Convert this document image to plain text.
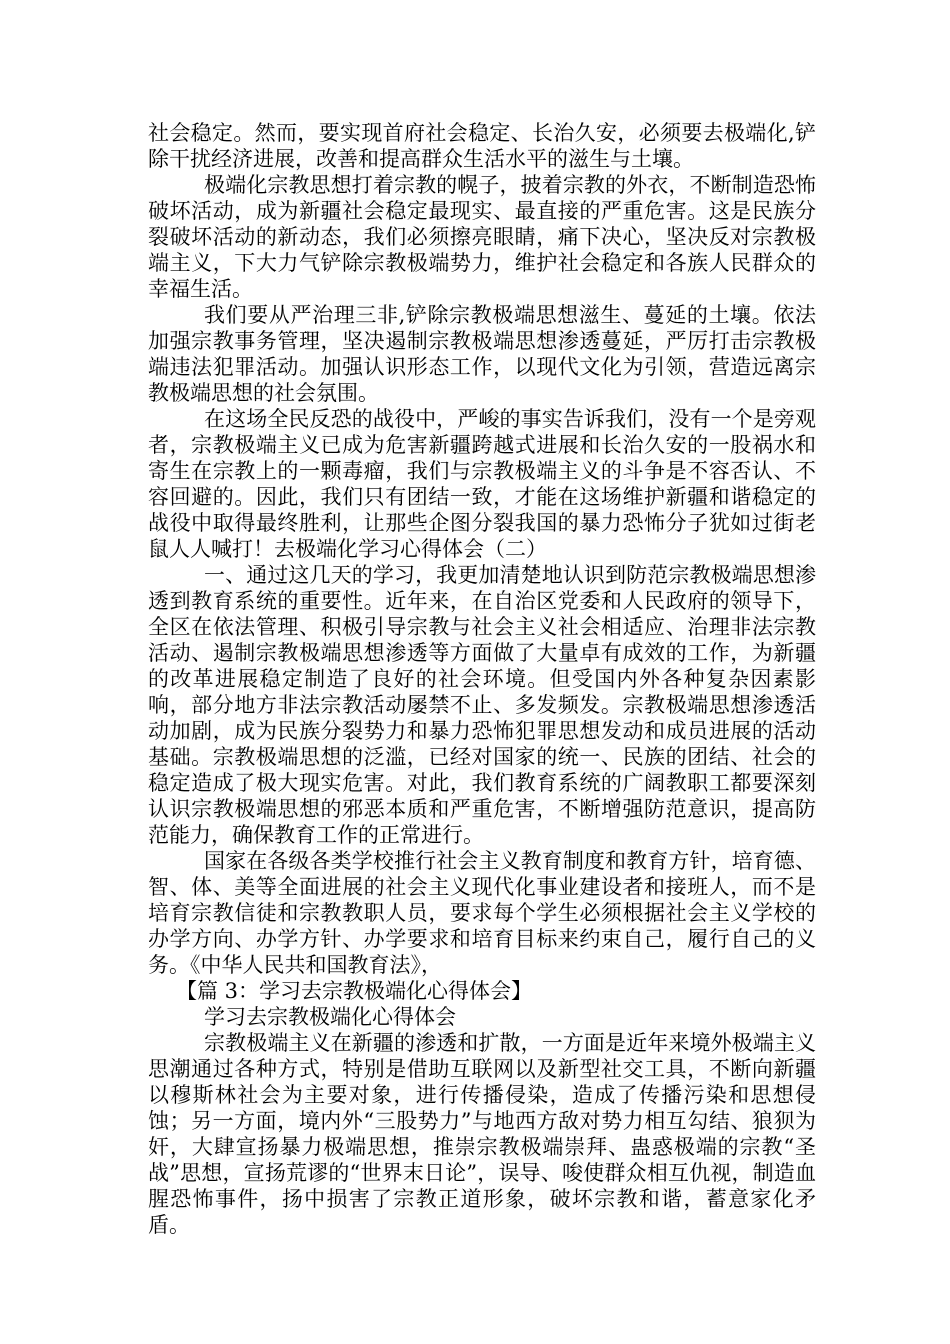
社会稳定。然而，要实现首府社会稳定、长治久安，必须要去极端化,铲除干扰经济进展，改善和提高群众生活水平的滋生与土壤。

极端化宗教思想打着宗教的幌子，披着宗教的外衣，不断制造恐怖破坏活动，成为新疆社会稳定最现实、最直接的严重危害。这是民族分裂破坏活动的新动态，我们必须擦亮眼睛，痛下决心，坚决反对宗教极端主义，下大力气铲除宗教极端势力，维护社会稳定和各族人民群众的幸福生活。

我们要从严治理三非,铲除宗教极端思想滋生、蔓延的土壤。依法加强宗教事务管理，坚决遏制宗教极端思想渗透蔓延，严厉打击宗教极端违法犯罪活动。加强认识形态工作，以现代文化为引领，营造远离宗教极端思想的社会氛围。

在这场全民反恐的战役中，严峻的事实告诉我们，没有一个是旁观者，宗教极端主义已成为危害新疆跨越式进展和长治久安的一股祸水和寄生在宗教上的一颗毒瘤，我们与宗教极端主义的斗争是不容否认、不容回避的。因此，我们只有团结一致，才能在这场维护新疆和谐稳定的战役中取得最终胜利，让那些企图分裂我国的暴力恐怖分子犹如过街老鼠人人喊打！去极端化学习心得体会（二）

一、通过这几天的学习，我更加清楚地认识到防范宗教极端思想渗透到教育系统的重要性。近年来，在自治区党委和人民政府的领导下，全区在依法管理、积极引导宗教与社会主义社会相适应、治理非法宗教活动、遏制宗教极端思想渗透等方面做了大量卓有成效的工作，为新疆的改革进展稳定制造了良好的社会环境。但受国内外各种复杂因素影响，部分地方非法宗教活动屡禁不止、多发频发。宗教极端思想渗透活动加剧，成为民族分裂势力和暴力恐怖犯罪思想发动和成员进展的活动基础。宗教极端思想的泛滥，已经对国家的统一、民族的团结、社会的稳定造成了极大现实危害。对此，我们教育系统的广阔教职工都要深刻认识宗教极端思想的邪恶本质和严重危害，不断增强防范意识，提高防范能力，确保教育工作的正常进行。

国家在各级各类学校推行社会主义教育制度和教育方针，培育德、智、体、美等全面进展的社会主义现代化事业建设者和接班人，而不是培育宗教信徒和宗教教职人员，要求每个学生必须根据社会主义学校的办学方向、办学方针、办学要求和培育目标来约束自己，履行自己的义务。《中华人民共和国教育法》，

【篇 3：学习去宗教极端化心得体会】

学习去宗教极端化心得体会

宗教极端主义在新疆的渗透和扩散，一方面是近年来境外极端主义思潮通过各种方式，特别是借助互联网以及新型社交工具，不断向新疆以穆斯林社会为主要对象，进行传播侵染，造成了传播污染和思想侵蚀；另一方面，境内外“三股势力”与地西方敌对势力相互勾结、狼狈为奸，大肆宣扬暴力极端思想，推崇宗教极端崇拜、蛊惑极端的宗教“圣战”思想，宣扬荒谬的“世界末日论”，误导、唆使群众相互仇视，制造血腥恐怖事件，扬中损害了宗教正道形象，破坏宗教和谐，蓄意家化矛盾。
